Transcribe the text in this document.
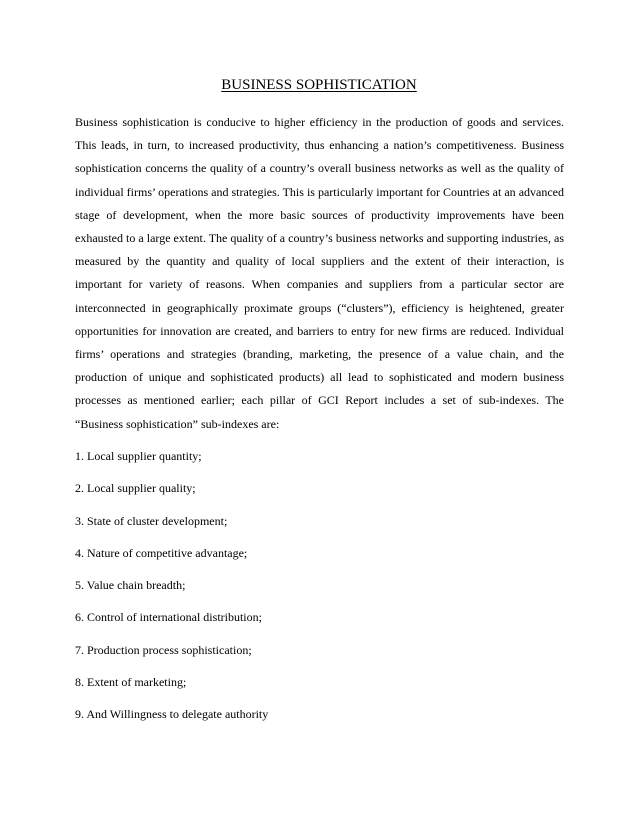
BUSINESS SOPHISTICATION

Business sophistication is conducive to higher efficiency in the production of goods and services. This leads, in turn, to increased productivity, thus enhancing a nation’s competitiveness. Business sophistication concerns the quality of a country’s overall business networks as well as the quality of individual firms’ operations and strategies. This is particularly important for Countries at an advanced stage of development, when the more basic sources of productivity improvements have been exhausted to a large extent. The quality of a country’s business networks and supporting industries, as measured by the quantity and quality of local suppliers and the extent of their interaction, is important for variety of reasons. When companies and suppliers from a particular sector are interconnected in geographically proximate groups (“clusters”), efficiency is heightened, greater opportunities for innovation are created, and barriers to entry for new firms are reduced. Individual firms’ operations and strategies (branding, marketing, the presence of a value chain, and the production of unique and sophisticated products) all lead to sophisticated and modern business processes as mentioned earlier; each pillar of GCI Report includes a set of sub-indexes. The “Business sophistication” sub-indexes are:

1. Local supplier quantity;
2. Local supplier quality;
3. State of cluster development;
4. Nature of competitive advantage;
5. Value chain breadth;
6. Control of international distribution;
7. Production process sophistication;
8. Extent of marketing;
9. And Willingness to delegate authority
